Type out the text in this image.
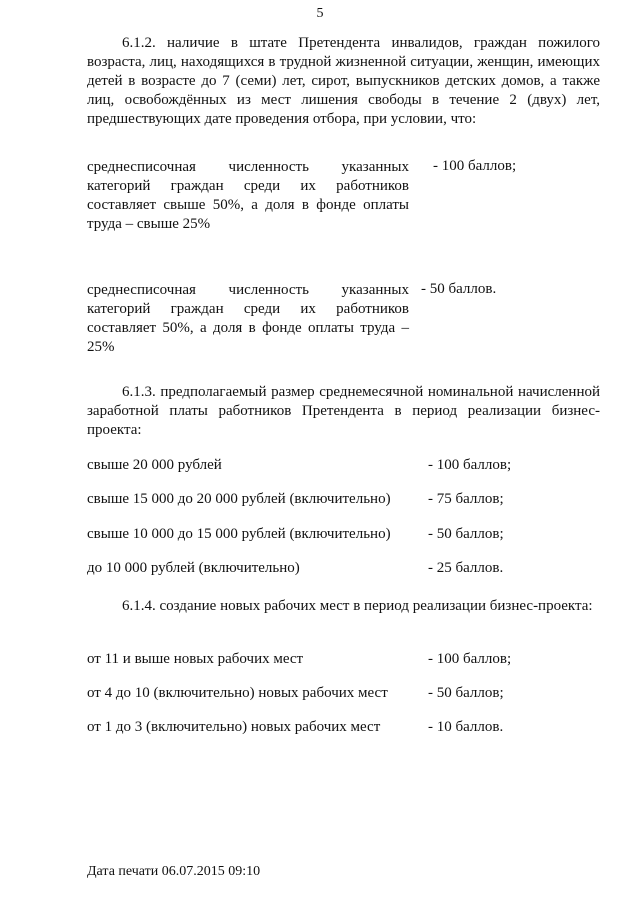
5
6.1.2. наличие в штате Претендента инвалидов, граждан пожилого возраста, лиц, находящихся в трудной жизненной ситуации, женщин, имеющих детей в возрасте до 7 (семи) лет, сирот, выпускников детских домов, а также лиц, освобождённых из мест лишения свободы в течение 2 (двух) лет, предшествующих дате проведения отбора, при условии, что:
среднесписочная численность указанных категорий граждан среди их работников составляет свыше 50%, а доля в фонде оплаты труда – свыше 25%
- 100 баллов;
среднесписочная численность указанных категорий граждан среди их работников составляет 50%, а доля в фонде оплаты труда – 25%
- 50 баллов.
6.1.3. предполагаемый размер среднемесячной номинальной начисленной заработной платы работников Претендента в период реализации бизнес-проекта:
свыше 20 000 рублей	- 100 баллов;
свыше 15 000 до 20 000 рублей (включительно) - 75 баллов;
свыше 10 000 до 15 000 рублей (включительно) - 50 баллов;
до 10 000 рублей (включительно)	- 25 баллов.
6.1.4. создание новых рабочих мест в период реализации бизнес-проекта:
от 11 и выше новых рабочих мест	- 100 баллов;
от 4 до 10 (включительно) новых рабочих мест	- 50 баллов;
от 1 до 3 (включительно) новых рабочих мест	- 10 баллов.
Дата печати 06.07.2015 09:10
